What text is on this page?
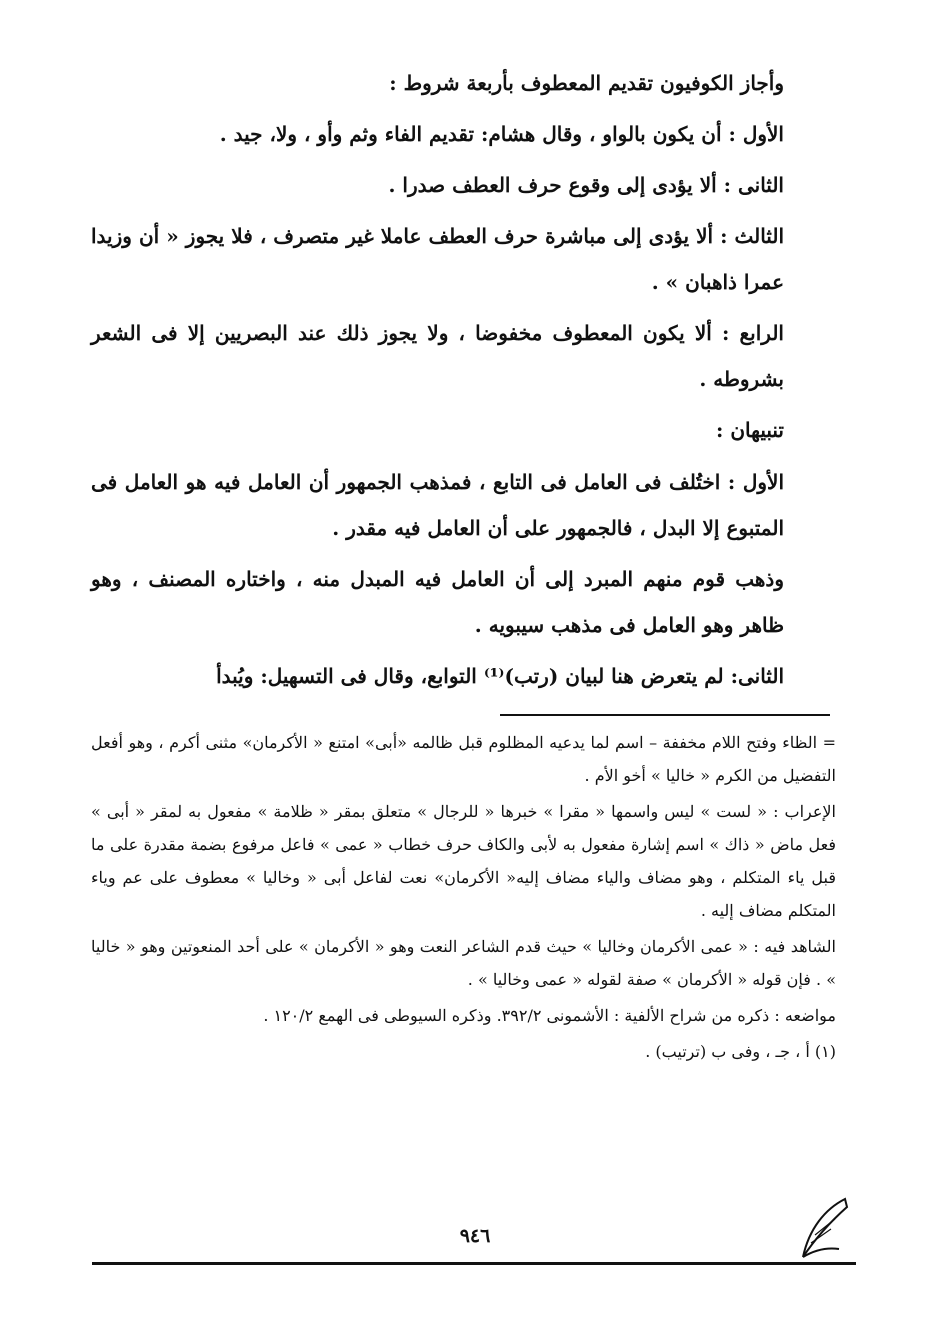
وأجاز الكوفيون تقديم المعطوف بأربعة شروط :

الأول : أن يكون بالواو ، وقال هشام: تقديم الفاء وثم وأو ، ولا، جيد .

الثانى : ألا يؤدى إلى وقوع حرف العطف صدرا .

الثالث : ألا يؤدى إلى مباشرة حرف العطف عاملا غير متصرف ، فلا يجوز « أن وزيدا عمرا ذاهبان » .

الرابع : ألا يكون المعطوف مخفوضا ، ولا يجوز ذلك عند البصريين إلا فى الشعر بشروطه .

تنبيهان :

الأول : اختُلف فى العامل فى التابع ، فمذهب الجمهور أن العامل فيه هو العامل فى المتبوع إلا البدل ، فالجمهور على أن العامل فيه مقدر .

وذهب قوم منهم المبرد إلى أن العامل فيه المبدل منه ، واختاره المصنف ، وهو ظاهر وهو العامل فى مذهب سيبويه .

الثانى: لم يتعرض هنا لبيان (رتب)⁽¹⁾ التوابع، وقال فى التسهيل: ويُبدأ

= الظاء وفتح اللام مخففة – اسم لما يدعيه المظلوم قبل ظالمه «أبى» امتنع « الأكرمان» مثنى أكرم ، وهو أفعل التفضيل من الكرم « خاليا » أخو الأم .

الإعراب : « لست » ليس واسمها « مقرا » خبرها « للرجال » متعلق بمقر « ظلامة » مفعول به لمقر « أبى » فعل ماض « ذاك » اسم إشارة مفعول به لأبى والكاف حرف خطاب « عمى » فاعل مرفوع بضمة مقدرة على ما قبل ياء المتكلم ، وهو مضاف والياء مضاف إليه« الأكرمان» نعت لفاعل أبى « وخاليا » معطوف على عم وياء المتكلم مضاف إليه .

الشاهد فيه : « عمى الأكرمان وخاليا » حيث قدم الشاعر النعت وهو « الأكرمان » على أحد المنعوتين وهو « خاليا » . فإن قوله « الأكرمان » صفة لقوله « عمى وخاليا » .

مواضعه : ذكره من شراح الألفية : الأشمونى ٣٩٢/٢. وذكره السيوطى فى الهمع ١٢٠/٢ .

(١) أ ، جـ ، وفى ب (ترتيب) .

٩٤٦
